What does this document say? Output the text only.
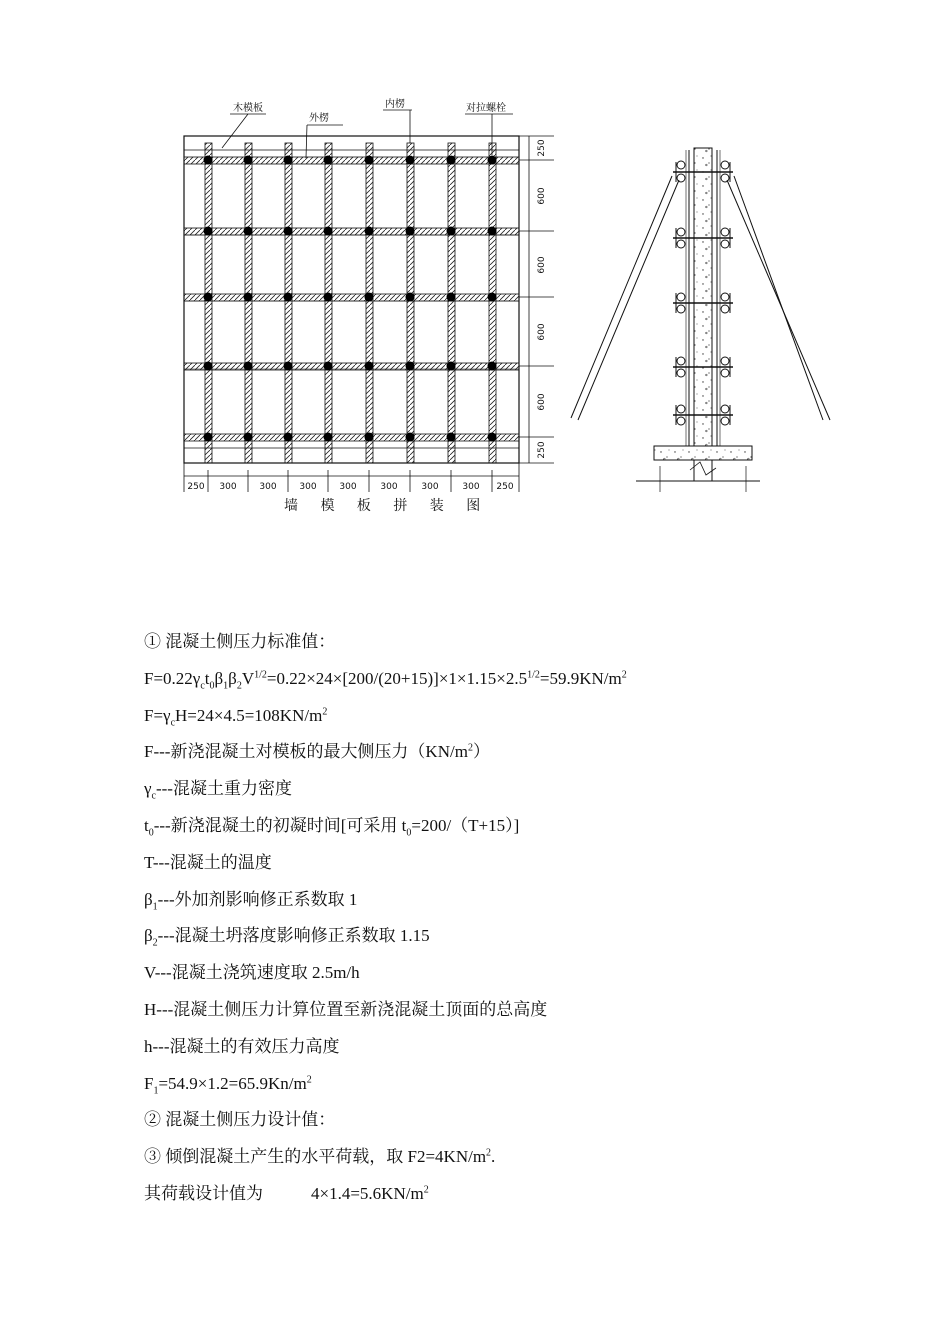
木模板
外楞
内楞	对拉螺栓
250
600
600
600
600
250
250 300	300	300	300	300	300	300 250
墙 模 板 拼 装 图
① 混凝土侧压力标准值：
$F=0.22\gamma_ct_0\beta_1\beta_2V^{1/2}=0.22\times 24\times[200/(20+15)]\times 1\times 1.15\times 2.5^{1/2}=59.9KN/m^2$
$F=\gamma_cH=24\times 4.5=108KN/m^2$
F---新浇混凝土对模板的最大侧压力$(KN/m^2)$
$\gamma_c---$混凝土重力密度
$t_0---$新浇混凝土的初凝时间[可采用 $t_0=200/(T+15)$]
T---混凝土的温度
$\beta_1---$外加剂影响修正系数取 1
$\beta_2---$混凝土坍落度影响修正系数取 1.15
V---混凝土浇筑速度取 2.5m/h
H---混凝土侧压力计算位置至新浇混凝土顶面的总高度
h---混凝土的有效压力高度
$F_1=54.9\times 1.2=65.9Kn/m^2$
② 混凝土侧压力设计值：
③ 倾倒混凝土产生的水平荷载，取 $F2=4KN/m^2$.
其荷载设计值为	$4\times 1.4=5.6KN/m^2$
